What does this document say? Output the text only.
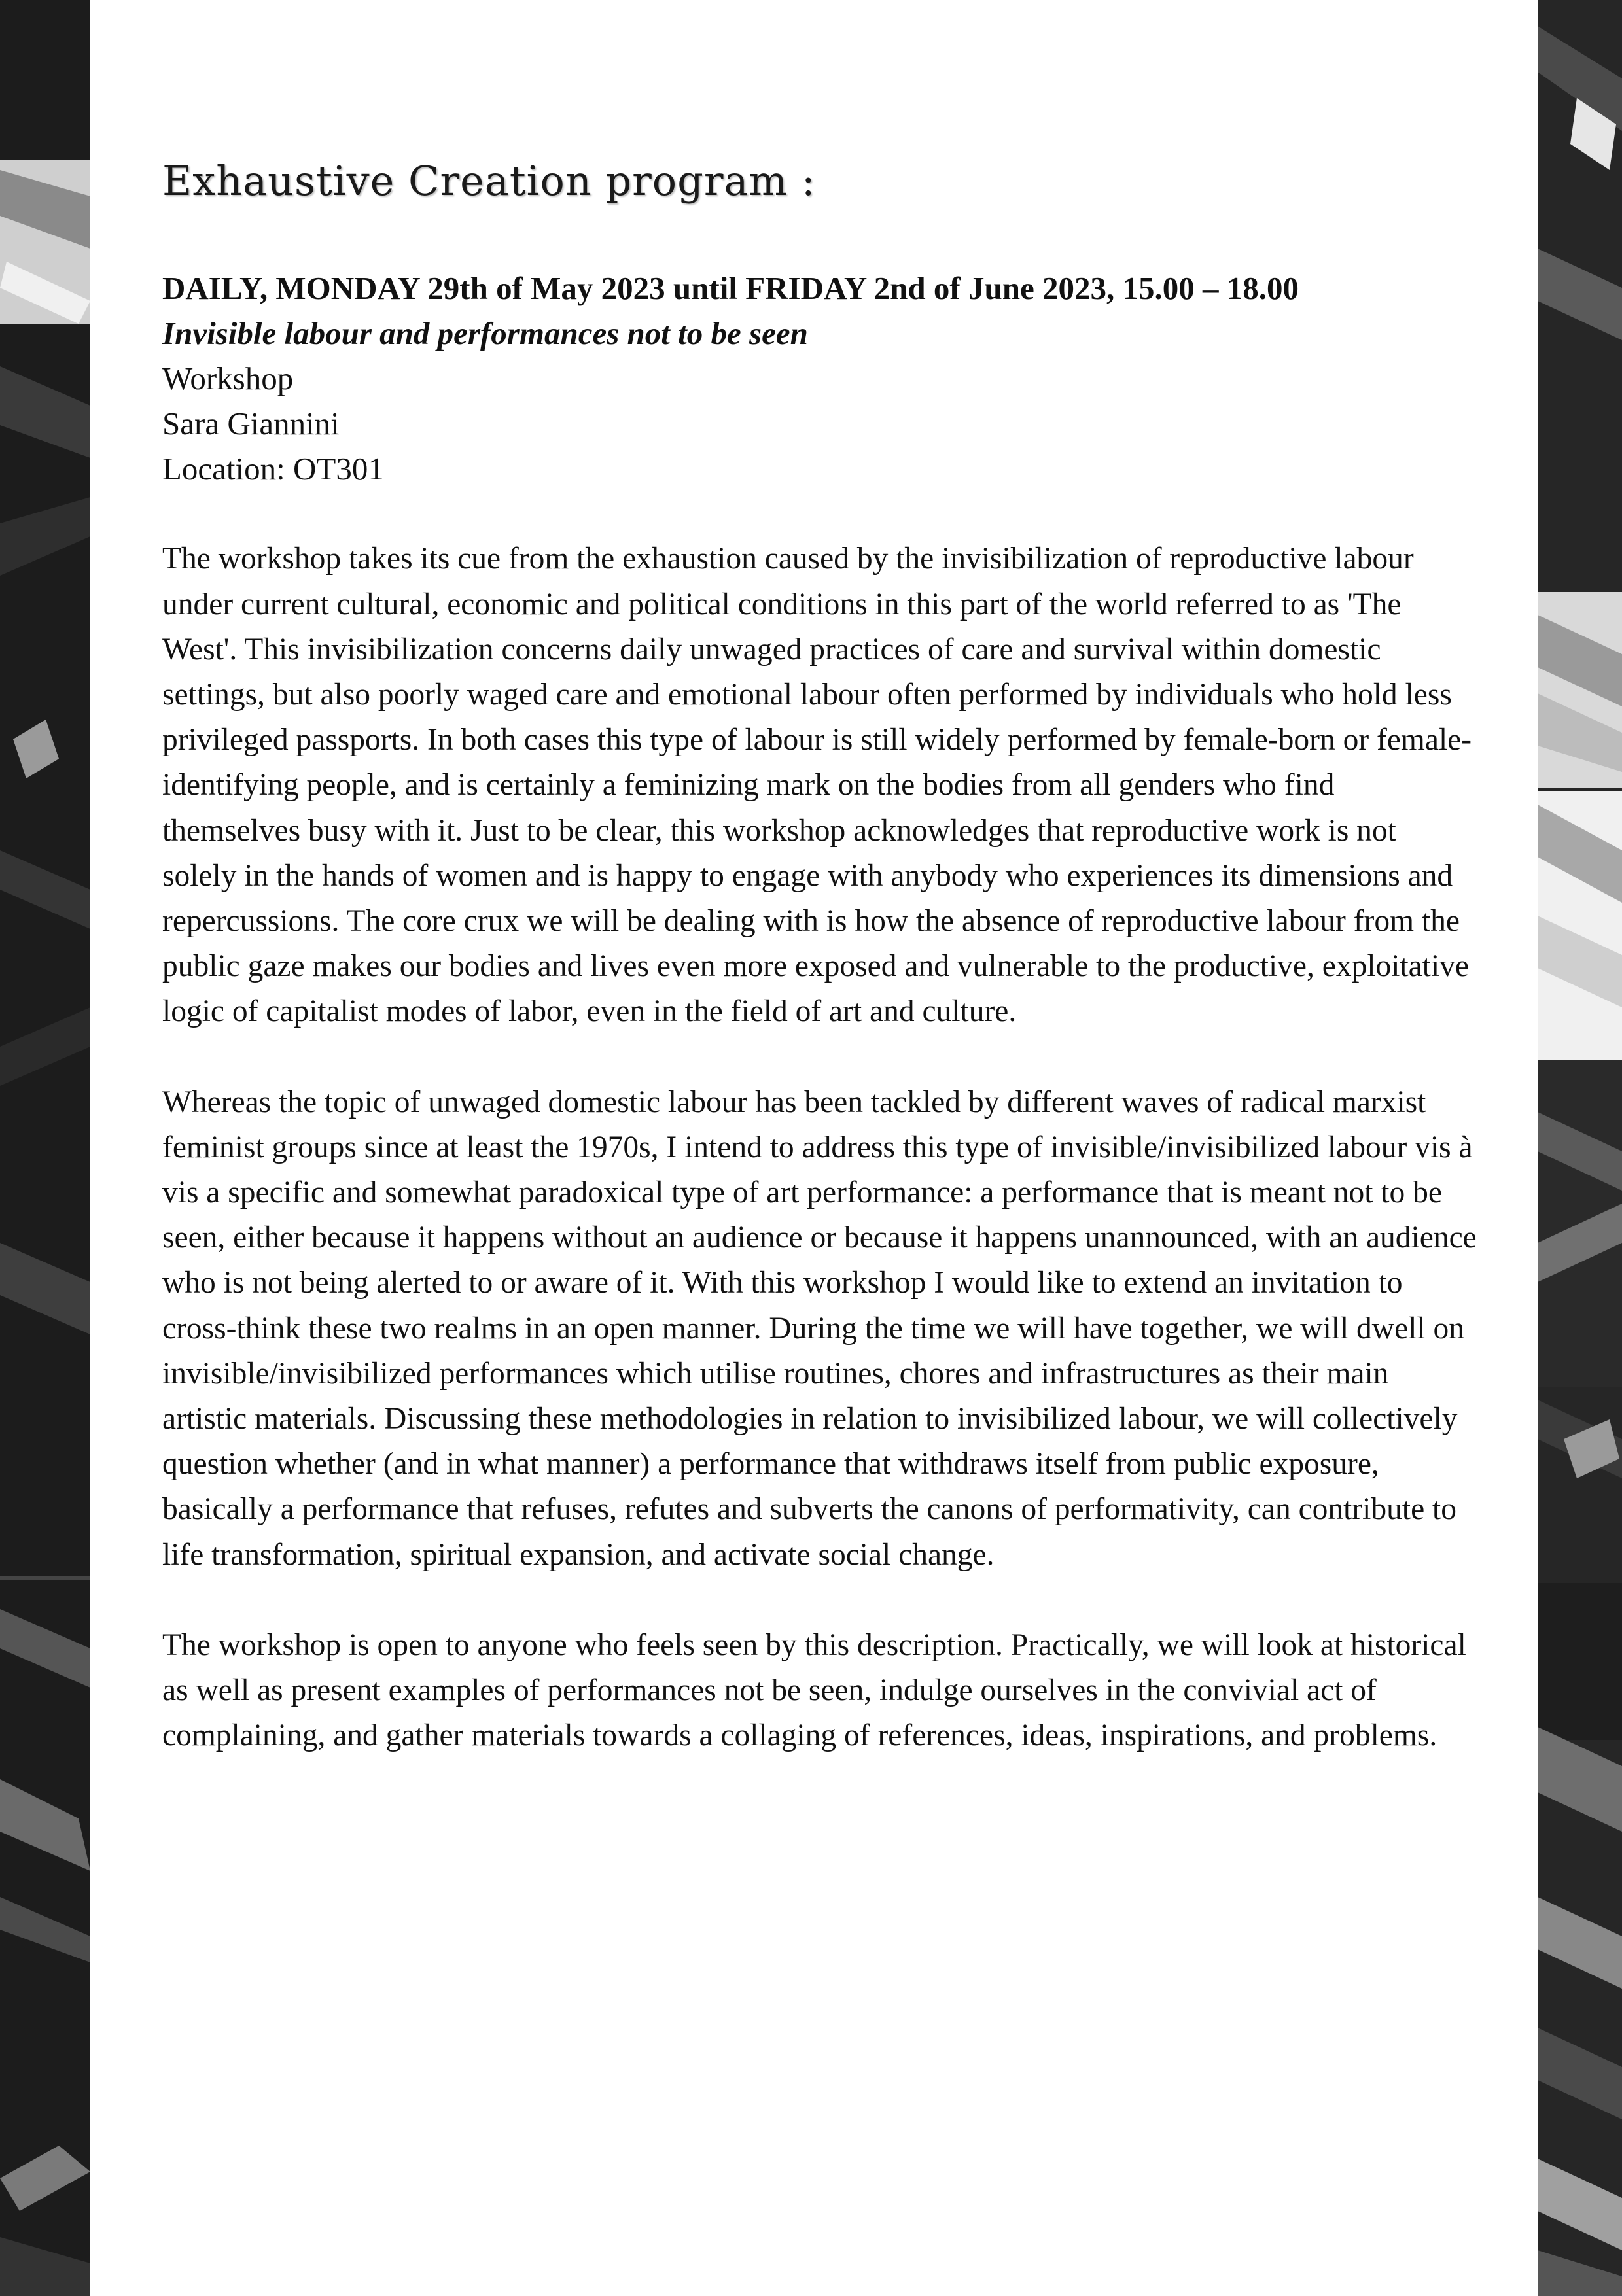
Exhaustive Creation program :
DAILY, MONDAY 29th of May 2023 until FRIDAY 2nd of June 2023, 15.00 – 18.00
Invisible labour and performances not to be seen
Workshop
Sara Giannini
Location: OT301

The workshop takes its cue from the exhaustion caused by the invisibilization of reproductive labour under current cultural, economic and political conditions in this part of the world referred to as 'The West'. This invisibilization concerns daily unwaged practices of care and survival within domestic settings, but also poorly waged care and emotional labour often performed by individuals who hold less privileged passports. In both cases this type of labour is still widely performed by female-born or female-identifying people, and is certainly a feminizing mark on the bodies from all genders who find themselves busy with it. Just to be clear, this workshop acknowledges that reproductive work is not solely in the hands of women and is happy to engage with anybody who experiences its dimensions and repercussions. The core crux we will be dealing with is how the absence of reproductive labour from the public gaze makes our bodies and lives even more exposed and vulnerable to the productive, exploitative logic of capitalist modes of labor, even in the field of art and culture.

Whereas the topic of unwaged domestic labour has been tackled by different waves of radical marxist feminist groups since at least the 1970s, I intend to address this type of invisible/invisibilized labour vis à vis a specific and somewhat paradoxical type of art performance: a performance that is meant not to be seen, either because it happens without an audience or because it happens unannounced, with an audience who is not being alerted to or aware of it. With this workshop I would like to extend an invitation to cross-think these two realms in an open manner. During the time we will have together, we will dwell on invisible/invisibilized performances which utilise routines, chores and infrastructures as their main artistic materials. Discussing these methodologies in relation to invisibilized labour, we will collectively question whether (and in what manner) a performance that withdraws itself from public exposure, basically a performance that refuses, refutes and subverts the canons of performativity, can contribute to life transformation, spiritual expansion, and activate social change.

The workshop is open to anyone who feels seen by this description. Practically, we will look at historical as well as present examples of performances not be seen, indulge ourselves in the convivial act of complaining, and gather materials towards a collaging of references, ideas, inspirations, and problems.
